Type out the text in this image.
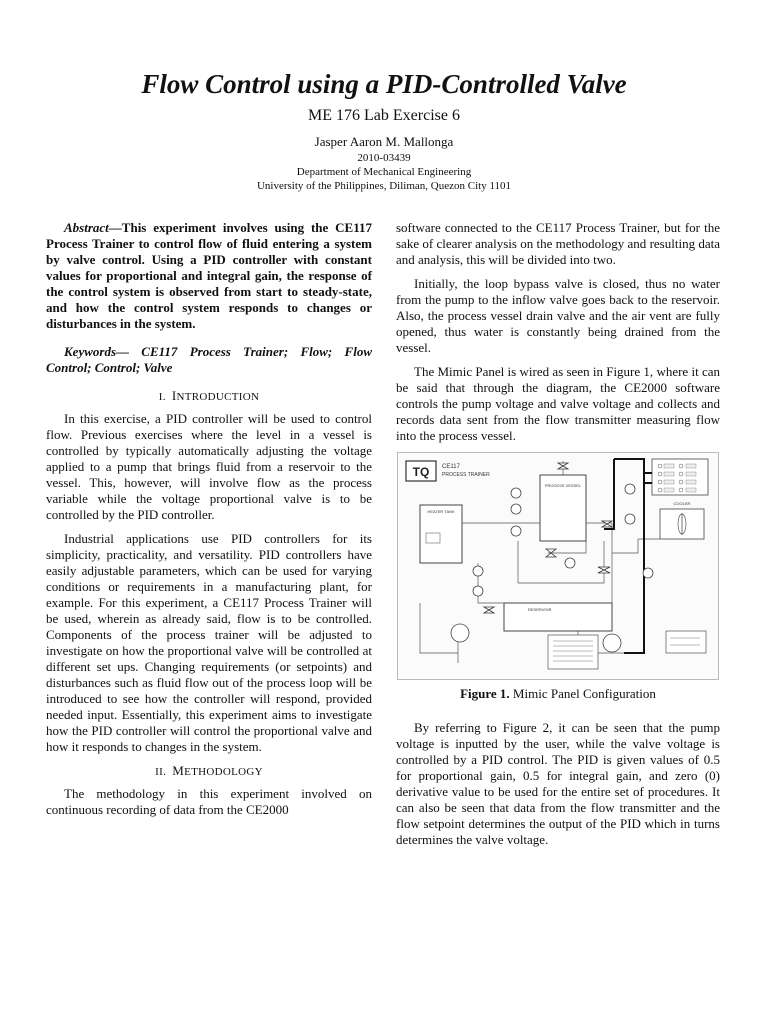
Flow Control using a PID-Controlled Valve
ME 176 Lab Exercise 6
Jasper Aaron M. Mallonga
2010-03439
Department of Mechanical Engineering
University of the Philippines, Diliman, Quezon City 1101

Abstract—This experiment involves using the CE117 Process Trainer to control flow of fluid entering a system by valve control. Using a PID controller with constant values for proportional and integral gain, the response of the control system is observed from start to steady-state, and how the control system responds to changes or disturbances in the system.

Keywords— CE117 Process Trainer; Flow; Flow Control; Control; Valve

I. INTRODUCTION

In this exercise, a PID controller will be used to control flow. Previous exercises where the level in a vessel is controlled by typically automatically adjusting the voltage applied to a pump that brings fluid from a reservoir to the vessel. This, however, will involve flow as the process variable while the voltage proportional valve is to be controlled by the PID controller.

Industrial applications use PID controllers for its simplicity, practicality, and versatility. PID controllers have easily adjustable parameters, which can be used for varying conditions or requirements in a manufacturing plant, for example. For this experiment, a CE117 Process Trainer will be used, wherein as already said, flow is to be controlled. Components of the process trainer will be adjusted to investigate on how the proportional valve will be controlled at different set ups. Changing requirements (or setpoints) and disturbances such as fluid flow out of the process loop will be introduced to see how the controller will respond, provided needed input. Essentially, this experiment aims to investigate how the PID controller will control the proportional valve and how it responds to changes in the system.

II. METHODOLOGY

The methodology in this experiment involved on continuous recording of data from the CE2000

software connected to the CE117 Process Trainer, but for the sake of clearer analysis on the methodology and resulting data and analysis, this will be divided into two.

Initially, the loop bypass valve is closed, thus no water from the pump to the inflow valve goes back to the reservoir. Also, the process vessel drain valve and the air vent are fully opened, thus water is constantly being drained from the vessel.

The Mimic Panel is wired as seen in Figure 1, where it can be said that through the diagram, the CE2000 software controls the pump voltage and valve voltage and collects and records data sent from the flow transmitter measuring flow into the process vessel.

TQ CE117
PROCESS TRAINER
PROCESS VESSEL
HEATER TANK
RESERVOIR
COOLER
Figure 1. Mimic Panel Configuration

By referring to Figure 2, it can be seen that the pump voltage is inputted by the user, while the valve voltage is controlled by a PID control. The PID is given values of 0.5 for proportional gain, 0.5 for integral gain, and zero (0) derivative value to be used for the entire set of procedures. It can also be seen that data from the flow transmitter and the flow setpoint determines the output of the PID which in turns determines the valve voltage.
